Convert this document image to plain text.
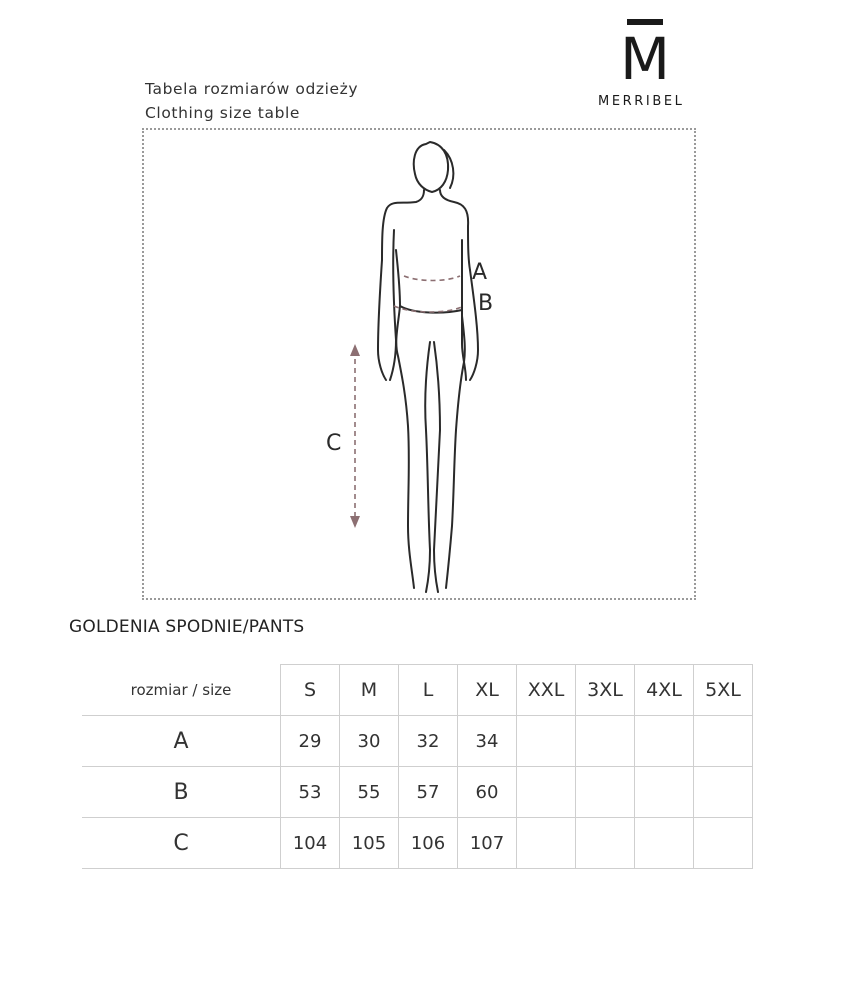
M
MERRIBEL
Tabela rozmiarów odzieży
Clothing size table
A
B
C
GOLDENIA SPODNIE/PANTS
rozmiar / size	S	M	L	XL	XXL	3XL	4XL	5XL
A	29	30	32	34				
B	53	55	57	60				
C	104	105	106	107				
